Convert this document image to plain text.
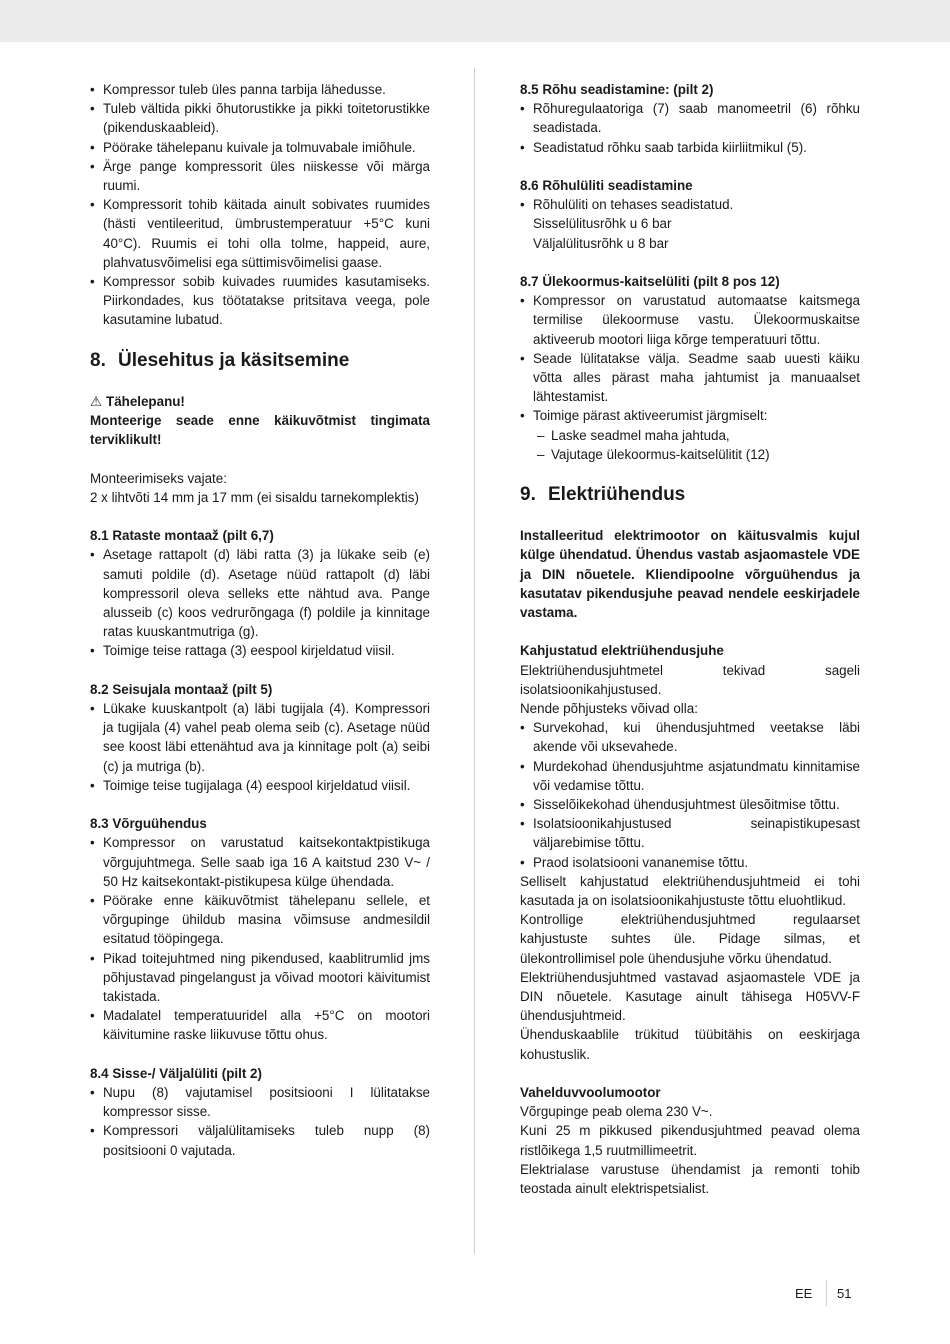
• Kompressor tuleb üles panna tarbija lähedusse.
• Tuleb vältida pikki õhutorustikke ja pikki toitetorustikke (pikenduskaableid).
• Pöörake tähelepanu kuivale ja tolmuvabale imiõhule.
• Ärge pange kompressorit üles niiskesse või märga ruumi.
• Kompressorit tohib käitada ainult sobivates ruumides (hästi ventileeritud, ümbrustemperatuur +5°C kuni 40°C). Ruumis ei tohi olla tolme, happeid, aure, plahvatusvõimelisi ega süttimisvõimelisi gaase.
• Kompressor sobib kuivades ruumides kasutamiseks. Piirkondades, kus töötatakse pritsitava veega, pole kasutamine lubatud.
8. Ülesehitus ja käsitsemine

⚠ Tähelepanu!

Monteerige seade enne käikuvõtmist tingimata terviklikult!

Monteerimiseks vajate:

2 x lihtvõti 14 mm ja 17 mm (ei sisaldu tarnekomplektis)

8.1 Rataste montaaž (pilt 6,7)

• Asetage rattapolt (d) läbi ratta (3) ja lükake seib (e) samuti poldile (d). Asetage nüüd rattapolt (d) läbi kompressoril oleva selleks ette nähtud ava. Pange alusseib (c) koos vedrurõngaga (f) poldile ja kinnitage ratas kuuskantmutriga (g).
• Toimige teise rattaga (3) eespool kirjeldatud viisil.

8.2 Seisujala montaaž (pilt 5)

• Lükake kuuskantpolt (a) läbi tugijala (4). Kompressori ja tugijala (4) vahel peab olema seib (c). Asetage nüüd see koost läbi ettenähtud ava ja kinnitage polt (a) seibi (c) ja mutriga (b).
• Toimige teise tugijalaga (4) eespool kirjeldatud viisil.

8.3 Võrguühendus

• Kompressor on varustatud kaitsekontaktpistikuga võrgujuhtmega. Selle saab iga 16 A kaitstud 230 V~ / 50 Hz kaitsekontakt-pistikupesa külge ühendada.
• Pöörake enne käikuvõtmist tähelepanu sellele, et võrgupinge ühildub masina võimsuse andmesildil esitatud tööpingega.
• Pikad toitejuhtmed ning pikendused, kaablitrumlid jms põhjustavad pingelangust ja võivad mootori käivitumist takistada.
• Madalatel temperatuuridel alla +5°C on mootori käivitumine raske liikuvuse tõttu ohus.

8.4 Sisse-/ Väljalüliti (pilt 2)

• Nupu (8) vajutamisel positsiooni I lülitatakse kompressor sisse.
• Kompressori väljalülitamiseks tuleb nupp (8) positsiooni 0 vajutada.

8.5 Rõhu seadistamine: (pilt 2)

• Rõhuregulaatoriga (7) saab manomeetril (6) rõhku seadistada.
• Seadistatud rõhku saab tarbida kiirliitmikul (5).

8.6 Rõhulüliti seadistamine

• Rõhulüliti on tehases seadistatud.

Sisselülitusrõhk u 6 bar

Väljalülitusrõhk u 8 bar

8.7 Ülekoormus-kaitselüliti (pilt 8 pos 12)

• Kompressor on varustatud automaatse kaitsmega termilise ülekoormuse vastu. Ülekoormuskaitse aktiveerub mootori liiga kõrge temperatuuri tõttu.
• Seade lülitatakse välja. Seadme saab uuesti käiku võtta alles pärast maha jahtumist ja manuaalset lähtestamist.
• Toimige pärast aktiveerumist järgmiselt:
– Laske seadmel maha jahtuda,
– Vajutage ülekoormus-kaitselülitit (12)
9. Elektriühendus

Installeeritud elektrimootor on käitusvalmis kujul külge ühendatud. Ühendus vastab asjaomastele VDE ja DIN nõuetele. Kliendipoolne võrguühendus ja kasutatav pikendusjuhe peavad nendele eeskirjadele vastama.

Kahjustatud elektriühendusjuhe

Elektriühendusjuhtmetel tekivad sageli isolatsioonikahjustused.

Nende põhjusteks võivad olla:

• Survekohad, kui ühendusjuhtmed veetakse läbi akende või uksevahede.
• Murdekohad ühendusjuhtme asjatundmatu kinnitamise või vedamise tõttu.
• Sisselõikekohad ühendusjuhtmest ülesõitmise tõttu.
• Isolatsioonikahjustused seinapistikupesast väljarebimise tõttu.
• Praod isolatsiooni vananemise tõttu.

Selliselt kahjustatud elektriühendusjuhtmeid ei tohi kasutada ja on isolatsioonikahjustuste tõttu eluohtlikud.

Kontrollige elektriühendusjuhtmed regulaarset kahjustuste suhtes üle. Pidage silmas, et ülekontrollimisel pole ühendusjuhe võrku ühendatud.

Elektriühendusjuhtmed vastavad asjaomastele VDE ja DIN nõuetele. Kasutage ainult tähisega H05VV-F ühendusjuhtmeid.

Ühenduskaablile trükitud tüübitähis on eeskirjaga kohustuslik.

Vahelduvvoolumootor

Võrgupinge peab olema 230 V~.

Kuni 25 m pikkused pikendusjuhtmed peavad olema ristlõikega 1,5 ruutmillimeetrit.

Elektrialase varustuse ühendamist ja remonti tohib teostada ainult elektrispetsialist.

EE 51
